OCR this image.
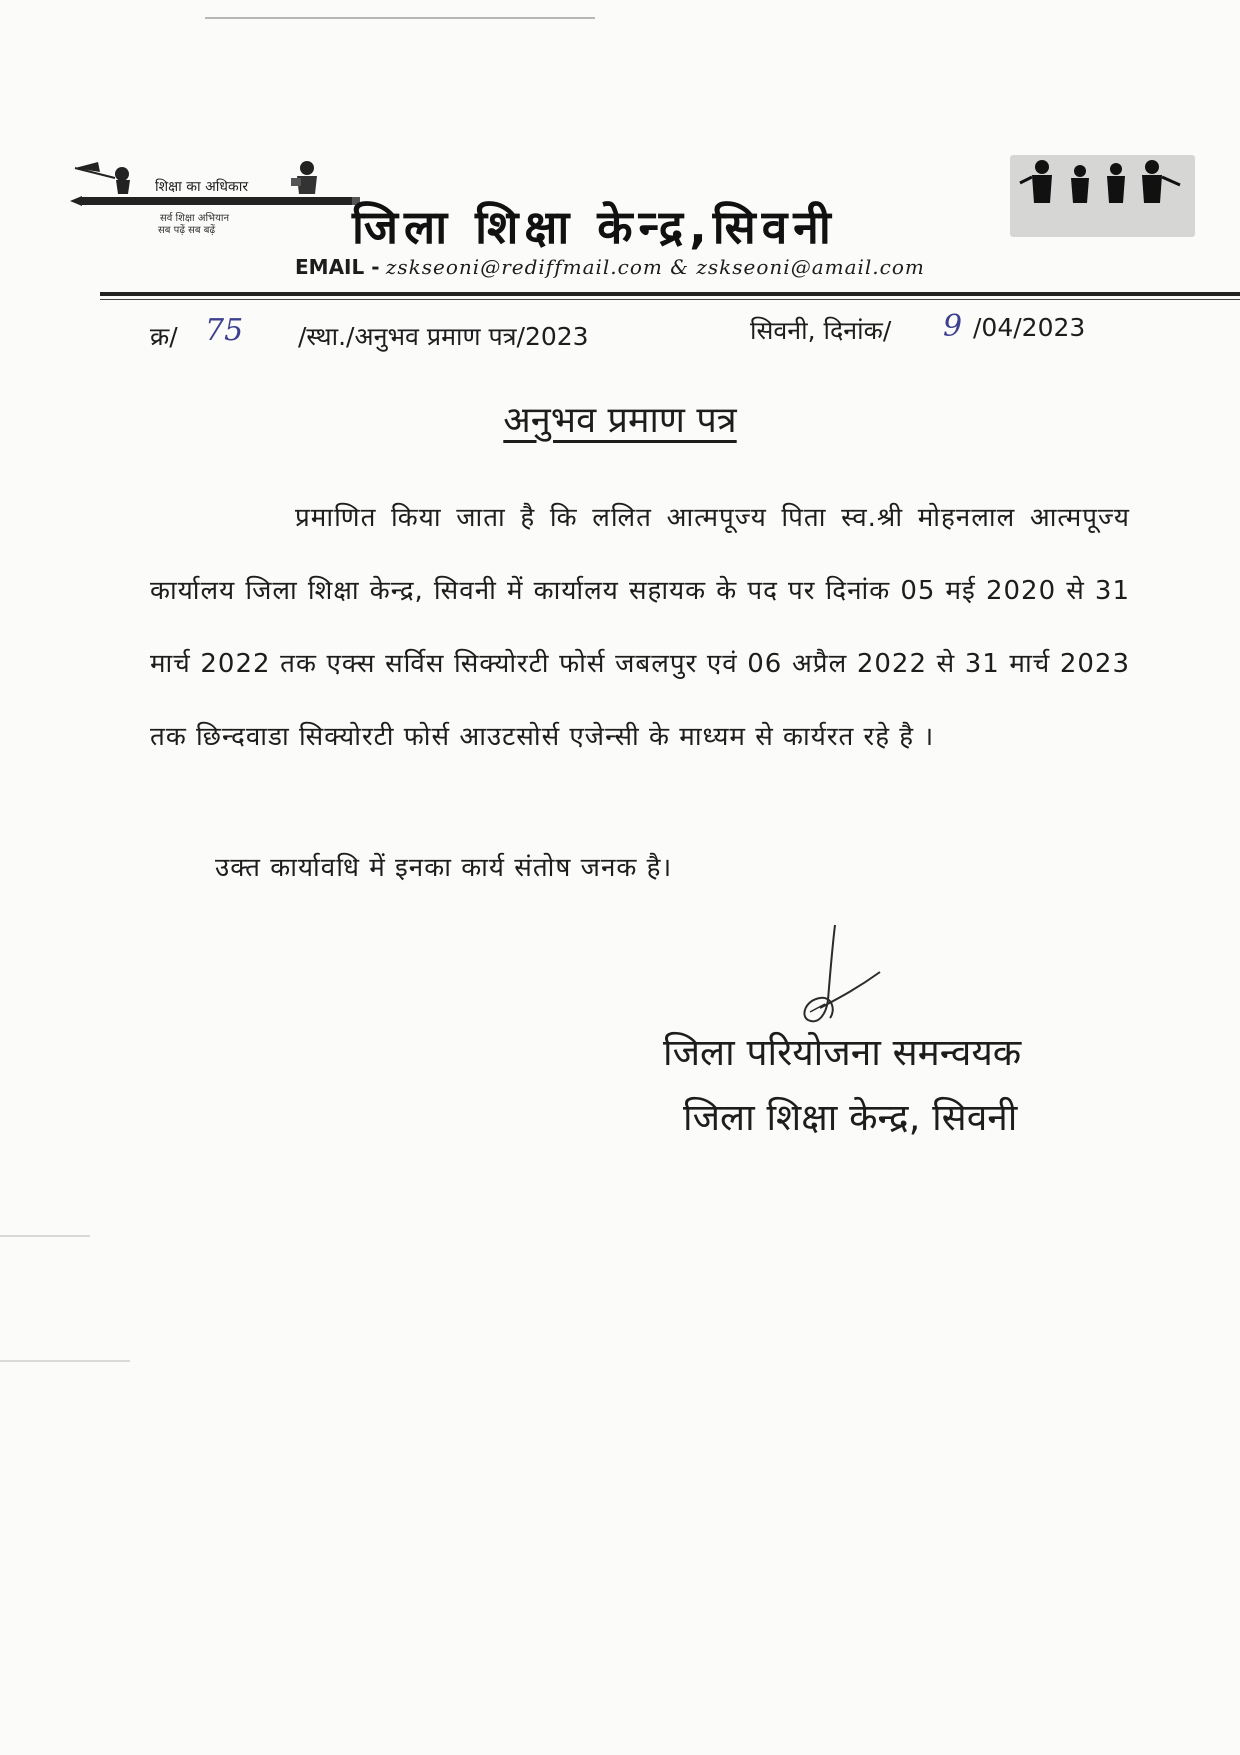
शिक्षा का अधिकार
सर्व शिक्षा अभियान
सब पढ़ें सब बढ़ें	जिला शिक्षा केन्द्र,सिवनी
EMAIL - zskseoni@rediffmail.com & zskseoni@amail.com
क्र/ 75 /स्था./अनुभव प्रमाण पत्र/2023	सिवनी, दिनांक/ 9 /04/2023
अनुभव प्रमाण पत्र
प्रमाणित किया जाता है कि ललित आत्मपूज्य पिता स्व.श्री मोहनलाल आत्मपूज्य कार्यालय जिला शिक्षा केन्द्र, सिवनी में कार्यालय सहायक के पद पर दिनांक 05 मई 2020 से 31 मार्च 2022 तक एक्स सर्विस सिक्योरटी फोर्स जबलपुर एवं 06 अप्रैल 2022 से 31 मार्च 2023 तक छिन्दवाडा सिक्योरटी फोर्स आउटसोर्स एजेन्सी के माध्यम से कार्यरत रहे है ।
उक्त कार्यावधि में इनका कार्य संतोष जनक है।
जिला परियोजना समन्वयक
जिला शिक्षा केन्द्र, सिवनी
